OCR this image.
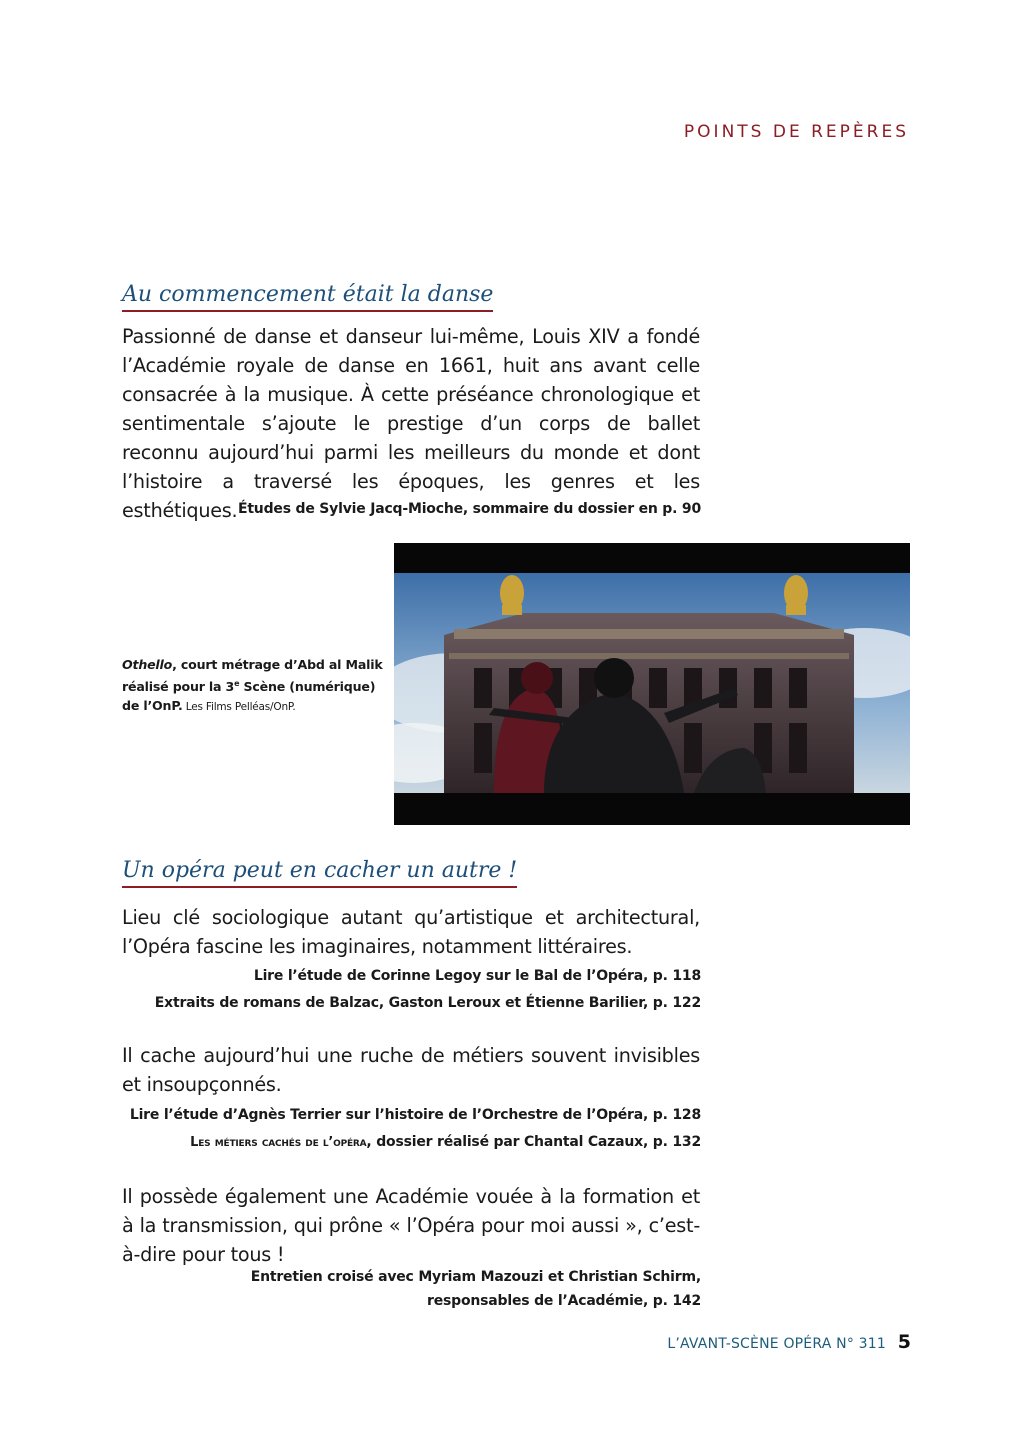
POINTS DE REPÈRES
Au commencement était la danse
Passionné de danse et danseur lui-même, Louis XIV a fondé l’Académie royale de danse en 1661, huit ans avant celle consacrée à la musique. À cette préséance chronologique et sentimentale s’ajoute le prestige d’un corps de ballet reconnu aujourd’hui parmi les meilleurs du monde et dont l’histoire a traversé les époques, les genres et les esthétiques. Études de Sylvie Jacq-Mioche, sommaire du dossier en p. 90
Othello, court métrage d’Abd al Malik réalisé pour la 3e Scène (numérique) de l’OnP. Les Films Pelléas/OnP.
Un opéra peut en cacher un autre !
Lieu clé sociologique autant qu’artistique et architectural, l’Opéra fascine les imaginaires, notamment littéraires.
Lire l’étude de Corinne Legoy sur le Bal de l’Opéra, p. 118
Extraits de romans de Balzac, Gaston Leroux et Étienne Barilier, p. 122
Il cache aujourd’hui une ruche de métiers souvent invisibles et insoupçonnés.
Lire l’étude d’Agnès Terrier sur l’histoire de l’Orchestre de l’Opéra, p. 128
Les métiers cachés de l’opéra, dossier réalisé par Chantal Cazaux, p. 132
Il possède également une Académie vouée à la formation et à la transmission, qui prône « l’Opéra pour moi aussi », c’est-à-dire pour tous !
Entretien croisé avec Myriam Mazouzi et Christian Schirm,
responsables de l’Académie, p. 142
L’AVANT-SCÈNE OPÉRA N° 311 5
